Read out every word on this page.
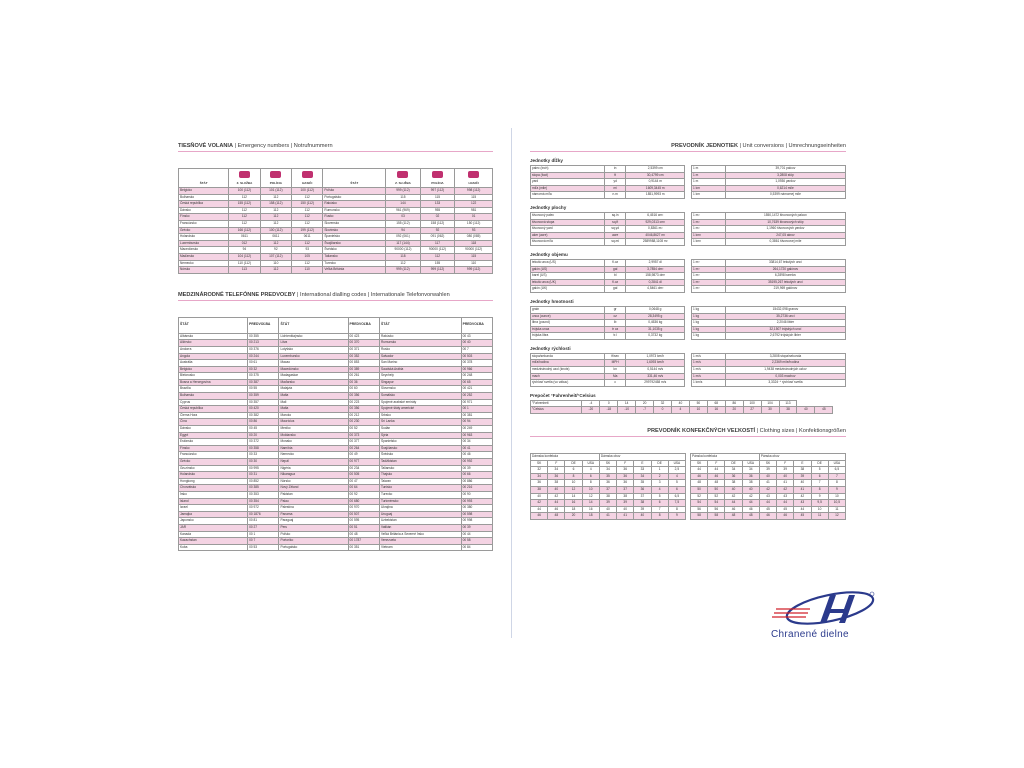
TIESŇOVÉ VOLANIA | Emergency numbers | Notrufnummern

ŠTÁT	Z. SLUŽBA	POLÍCIA	HASIČI	ŠTÁT	Z. SLUŽBA	POLÍCIA	HASIČI

Belgicko	100 (112)	101 (112)	100 (112)	Poľsko	999 (112)	997 (112)	998 (112)
Bulharsko	112	112	112	Portugalsko	115	115	115
Česká republika	155 (112)	158 (112)	150 (112)	Rakúsko	144	133	122
Dánsko	112	112	112	Rumunsko	961 (969)	955	981
Fínsko	112	112	112	Rusko	03	02	01
Francúzsko	112	112	112	Slovensko	155 (112)	158 (112)	150 (112)
Grécko	166 (112)	100 (112)	199 (112)	Slovinsko	94	92	93
Holandsko	0611	0611	0611	Španielsko	092 (061)	091 (062)	080 (085)
Luxembursko	012	112	112	Švajčiarsko	117 (144)	117	118
Macedónsko	94	92	93	Švédsko	90000 (112)	90000 (112)	90000 (112)
Maďarsko	104 (112)	107 (112)	105	Taliansko	118	112	115
Nemecko	110 (112)	110	112	Turecko	112	155	110
Nórsko	113	112	110	Veľká Británia	999 (112)	999 (112)	999 (112)

MEDZINÁRODNÉ TELEFÓNNE PREDVOĽBY | International dialling codes | Internationale Telefonvorwahlen

ŠTÁT	PREDVOĽBA	ŠTÁT	PREDVOĽBA	ŠTÁT	PREDVOĽBA
Albánsko	00 355	Lichtenštajnsko	00 423	Rakúsko	00 43
Alžírsko	00 213	Litva	00 370	Rumunsko	00 40
Andorra	00 376	Lotyšsko	00 371	Rusko	00 7
Angola	00 244	Luxembursko	00 352	Salvador	00 503
Austrália	00 61	Macao	00 853	San Marino	00 378
Belgicko	00 32	Macedónsko	00 389	Saudská Arábia	00 966
Bielorusko	00 375	Madagaskar	00 261	Seychely	00 248
Bosna a Hercegovina	00 387	Maďarsko	00 36	Singapur	00 65
Brazília	00 55	Malajzia	00 60	Slovensko	00 421
Bulharsko	00 359	Malta	00 356	Somálsko	00 252
Cyprus	00 357	Mali	00 223	Spojené arabské emiráty	00 971
Česká republika	00 420	Malta	00 356	Spojené štáty americké	00 1
Čierna Hora	00 382	Maroko	00 212	Srbsko	00 381
Čína	00 86	Maurícius	00 230	Srí Lanka	00 94
Dánsko	00 45	Mexiko	00 52	Sudán	00 249
Egypt	00 20	Moldavsko	00 373	Sýria	00 963
Estónsko	00 372	Monako	00 377	Španielsko	00 34
Fínsko	00 358	Namíbia	00 264	Švajčiarsko	00 41
Francúzsko	00 33	Nemecko	00 49	Švédsko	00 46
Grécko	00 30	Nepál	00 977	Tadžikistan	00 992
Gruzínsko	00 995	Nigéria	00 234	Taliansko	00 39
Holandsko	00 31	Nikaragua	00 505	Thajsko	00 66
Hongkong	00 852	Nórsko	00 47	Taiwan	00 886
Chorvátsko	00 385	Nový Zéland	00 64	Tunisko	00 216
Írsko	00 353	Pakistan	00 92	Turecko	00 90
Island	00 354	Palau	00 680	Turkménsko	00 993
Izrael	00 972	Palestína	00 970	Ukrajina	00 380
Jamajka	00 1876	Panama	00 507	Uruguaj	00 598
Japonsko	00 81	Paraguaj	00 595	Uzbekistan	00 998
JAR	00 27	Peru	00 51	Vatikán	00 39
Kanada	00 1	Poľsko	00 48	Veľká Británia a Severné Írsko	00 44
Kazachstan	00 7	Portoriko	00 1787	Venezuela	00 58
Kuba	00 53	Portugalsko	00 351	Vietnam	00 84

PREVODNÍK JEDNOTIEK | Unit conversions | Umrechnungseinheiten

Jednotky dĺžky
palec (inch)	in	2,5399 cm
stopa (foot)	ft	30,4799 cm
yard	yd	0,9144 m
míľa (mile)	mi	1609,3445 m
námorná míľa	n.m	1851,9993 m
1 m	39,701 palcov
1 m	3,2808 stôp
1 m	1,0936 yardov
1 km	0,6214 míle
1 km	0,5399 námornej míle
Jednotky plochy
štvorcový palec	sq.in	6,4516 cm²
štvorcová stopa	sq.ft	929,0313 cm²
štvorcový yard	sq.yd	0,8361 m²
aker (acre)	acre	4046,8627 m²
štvorcová míľa	sq.mi	2589988,1108 m²
1 m²	1550,1472 štvorcových palcov
1 m²	10,7639 štvorcových stôp
1 m²	1,1960 štvorcových yardov
1 km²	247,05 akrov
1 km²	0,3861 štvorcovej míle
Jednotky objemu
tekutá unca (US)	fl.oz	2,9957 dl
galón (US)	gal	3,7854 dm³
barel (US)	bl	158,9873 dm³
tekutá unca (UK)	fl.oz	0,2841 dl
galón (UK)	gal	4,5461 dm³
1 m³	33814,67 tekutých uncí
1 m³	264,1720 galónov
1 m³	6,2898 barelov
1 m³	35195,267 tekutých uncí
1 m³	219,969 galónov
Jednotky hmotnosti
grain	gr	0,0648 g
unca (ounce)	oz	28,3495 g
libra (pound)	lb	0,4536 kg
trójska unca	tr oz	31,1035 g
trójska libra	tr.l	0,3732 kg
1 kg	15432,098 granov
1 kg	35,2736 uncí
1 kg	2,2046 libier
1 kg	32,1507 trójských uncí
1 kg	2,6792 trójských libier
Jednotky rýchlosti
stopa/sekunda	ft/sec	1,0973 km/h
míľa/hodina	MPH	1,6093 km/h
medzinárodný uzol (knots)	kn	0,5144 m/s
mach	Ma	331,46 m/s
rýchlosť svetla (vo vákuu)	c	299792458 m/s
1 m/s	3,2808 stopa/sekunda
1 m/s	2,2369 míle/hodina
1 m/s	1,9438 medzinárodných uzlov
1 m/s	0,003 machov
1 km/s	3,3324⁻⁶ rýchlosť svetla
Prepočet °Fahrenheit/°Celsius
°Fahrenheit	-4	0	14	20	32	40	50	68	86	100	104	113		
°Celsius	-20	-18	-10	-7	0	4	10	16	20	27	30	38	40	45

PREVODNÍK KONFEKČNÝCH VEĽKOSTÍ | Clothing sizes | Konfektionsgrößen

Dámska konfekcia				Dámska obuv				
SK	F	DE	USA	SK	F	E	DE	USA
32	34	6	4	34	36	33	1	2,5
34	36	8	6	35	36	34	2	4
36	38	10	8	36	36	35	3	5
38	40	12	10	37	37	36	4	6
40	42	14	12	38	38	37	5	6,5
42	44	16	14	39	39	38	6	7,5
44	46	18	16	40	40	39	7	8
46	48	20	18	41	41	40	8	9
Pánska konfekcia				Pánska obuv				
SK	F	DE	USA	SK	F	E	DE	USA
44	44	34	34	39	39	38	5	6,5
46	46	36	36	40	40	39	6	7
48	48	38	38	41	41	40	7	8
50	50	40	40	42	42	41	8	9
52	52	42	42	43	43	42	9	10
54	54	44	44	44	44	43	9,5	10,5
56	56	46	46	45	45	44	10	11
58	58	48	48	46	46	45	11	12
Chranené dielne
